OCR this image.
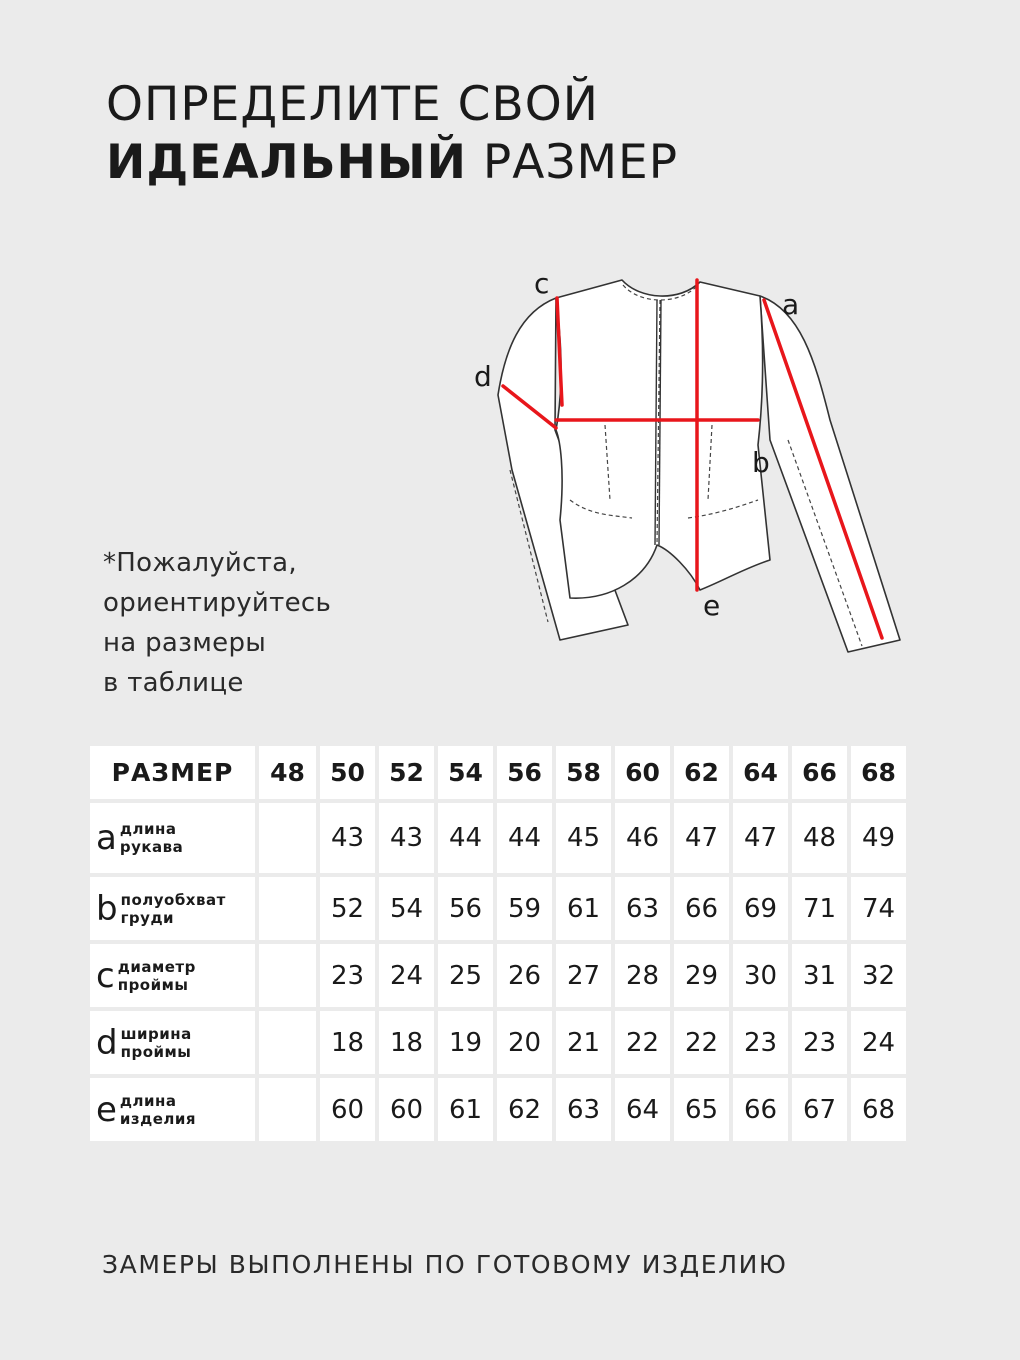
ОПРЕДЕЛИТЕ СВОЙ
ИДЕАЛЬНЫЙ РАЗМЕР
*Пожалуйста,
ориентируйтесь
на размеры
в таблице
a
b
c
d
e
РАЗМЕР	48	50	52	54	56	58	60	62	64	66	68

a длина
рукава		43	43	44	44	45	46	47	47	48	49

b полуобхват
груди		52	54	56	59	61	63	66	69	71	74

c диаметр
проймы		23	24	25	26	27	28	29	30	31	32

d ширина
проймы		18	18	19	20	21	22	22	23	23	24

e длина
изделия		60	60	61	62	63	64	65	66	67	68
ЗАМЕРЫ ВЫПОЛНЕНЫ ПО ГОТОВОМУ ИЗДЕЛИЮ
